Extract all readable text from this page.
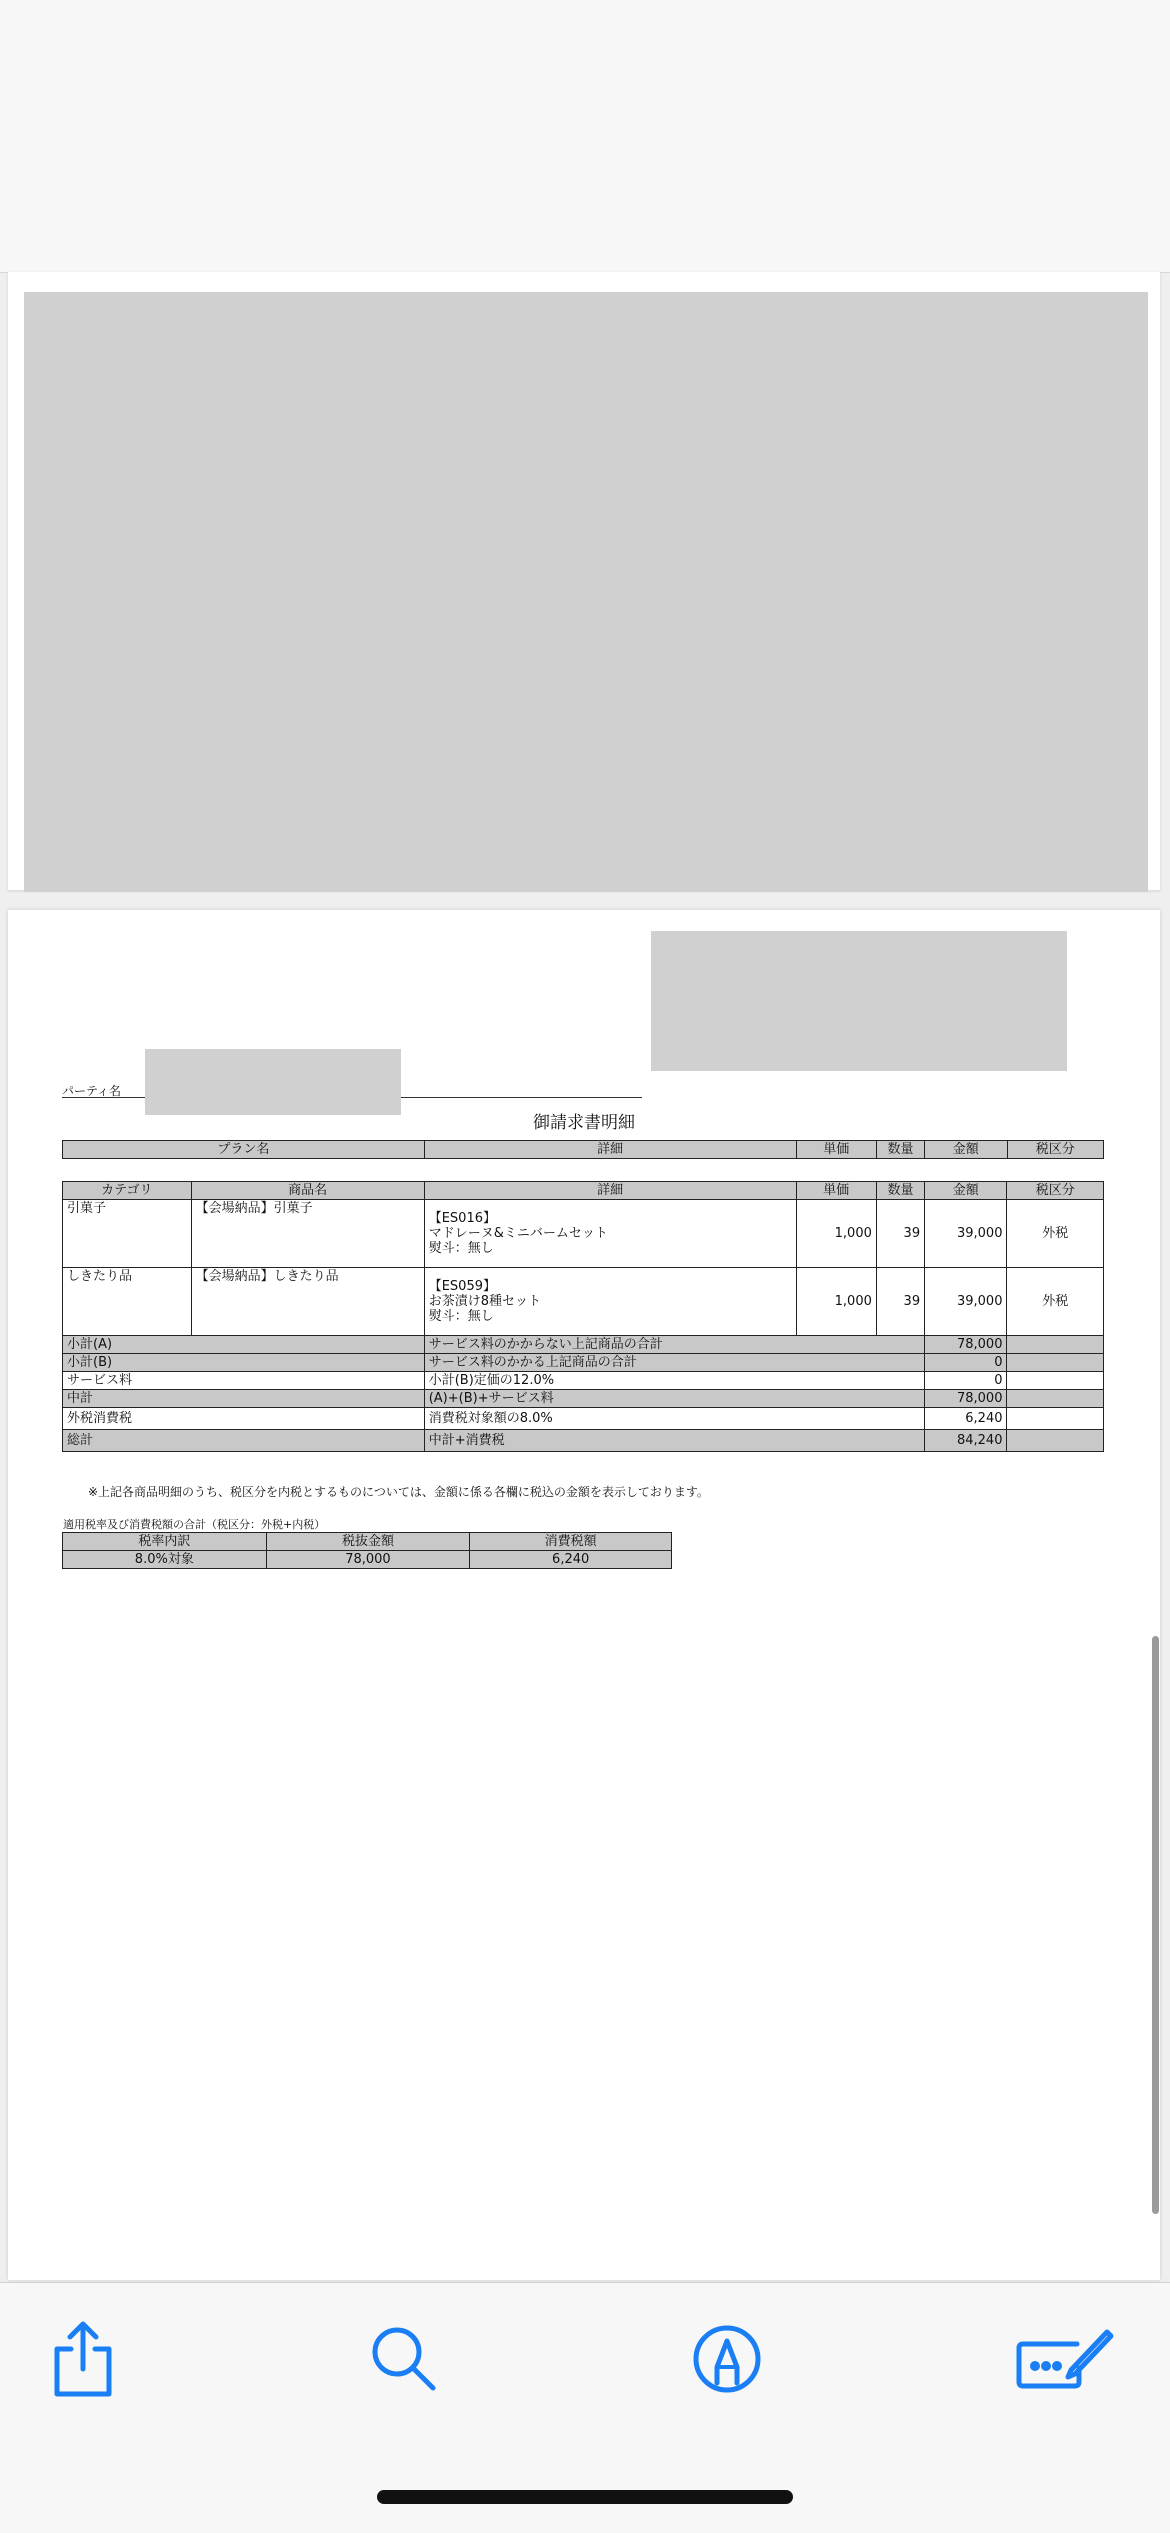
パーティ名
御請求書明細
プラン名	詳細	単価	数量	金額	税区分
カテゴリ	商品名	詳細	単価	数量	金額	税区分
引菓子	【会場納品】引菓子	【ES016】
マドレーヌ&ミニバームセット
熨斗：無し	1,000	39	39,000	外税
しきたり品	【会場納品】しきたり品	【ES059】
お茶漬け8種セット
熨斗：無し	1,000	39	39,000	外税
小計(A)		サービス料のかからない上記商品の合計			78,000	
小計(B)		サービス料のかかる上記商品の合計			0	
サービス料		小計(B)定価の12.0%			0	
中計		(A)+(B)+サービス料			78,000	
外税消費税		消費税対象額の8.0%			6,240	
総計		中計+消費税			84,240	
※上記各商品明細のうち、税区分を内税とするものについては、金額に係る各欄に税込の金額を表示しております。
適用税率及び消費税額の合計（税区分：外税+内税）
税率内訳	税抜金額	消費税額
8.0%対象	78,000	6,240
